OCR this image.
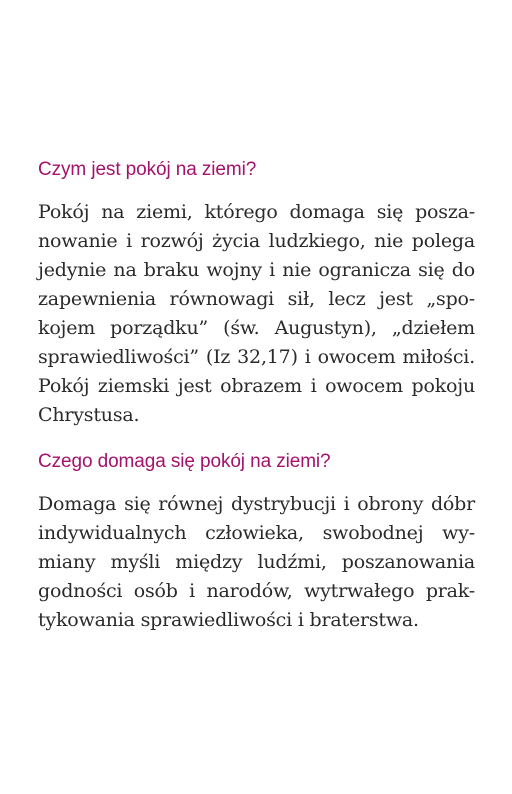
Czym jest pokój na ziemi?

Pokój na ziemi, którego domaga się posza-
nowanie i rozwój życia ludzkiego, nie polega
jedynie na braku wojny i nie ogranicza się do
zapewnienia równowagi sił, lecz jest „spo-
kojem porządku” (św. Augustyn), „dziełem
sprawiedliwości” (Iz 32,17) i owocem miłości.
Pokój ziemski jest obrazem i owocem pokoju
Chrystusa.

Czego domaga się pokój na ziemi?

Domaga się równej dystrybucji i obrony dóbr
indywidualnych człowieka, swobodnej wy-
miany myśli między ludźmi, poszanowania
godności osób i narodów, wytrwałego prak-
tykowania sprawiedliwości i braterstwa.
